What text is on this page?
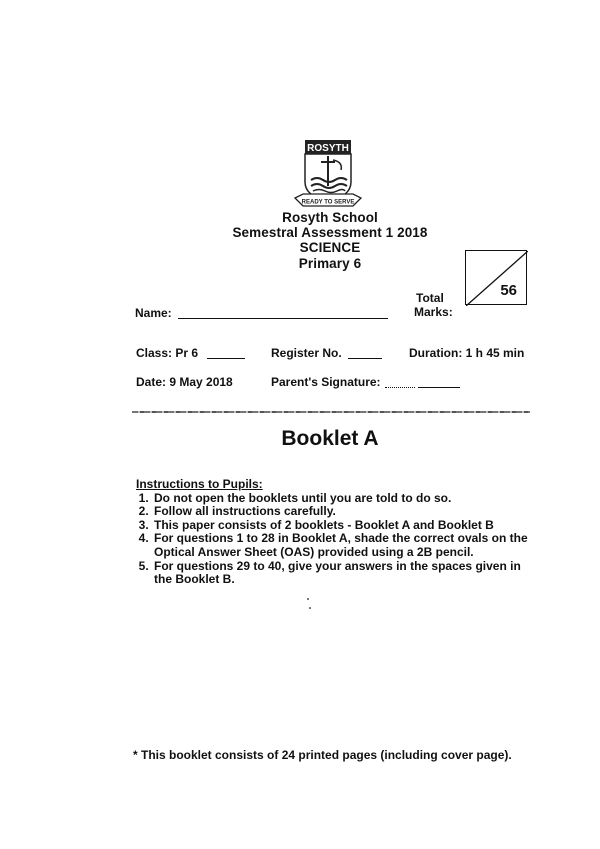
ROSYTH
READY TO SERVE
Rosyth School
Semestral Assessment 1 2018
SCIENCE
Primary 6
Total
Marks:
56
Name:
Class: Pr 6	Register No.	Duration: 1 h 45 min
Date: 9 May 2018	Parent's Signature:
Booklet A
Instructions to Pupils:
1. Do not open the booklets until you are told to do so.
2. Follow all instructions carefully.
3. This paper consists of 2 booklets - Booklet A and Booklet B
4. For questions 1 to 28 in Booklet A, shade the correct ovals on the Optical Answer Sheet (OAS) provided using a 2B pencil.
5. For questions 29 to 40, give your answers in the spaces given in the Booklet B.
* This booklet consists of 24 printed pages (including cover page).
